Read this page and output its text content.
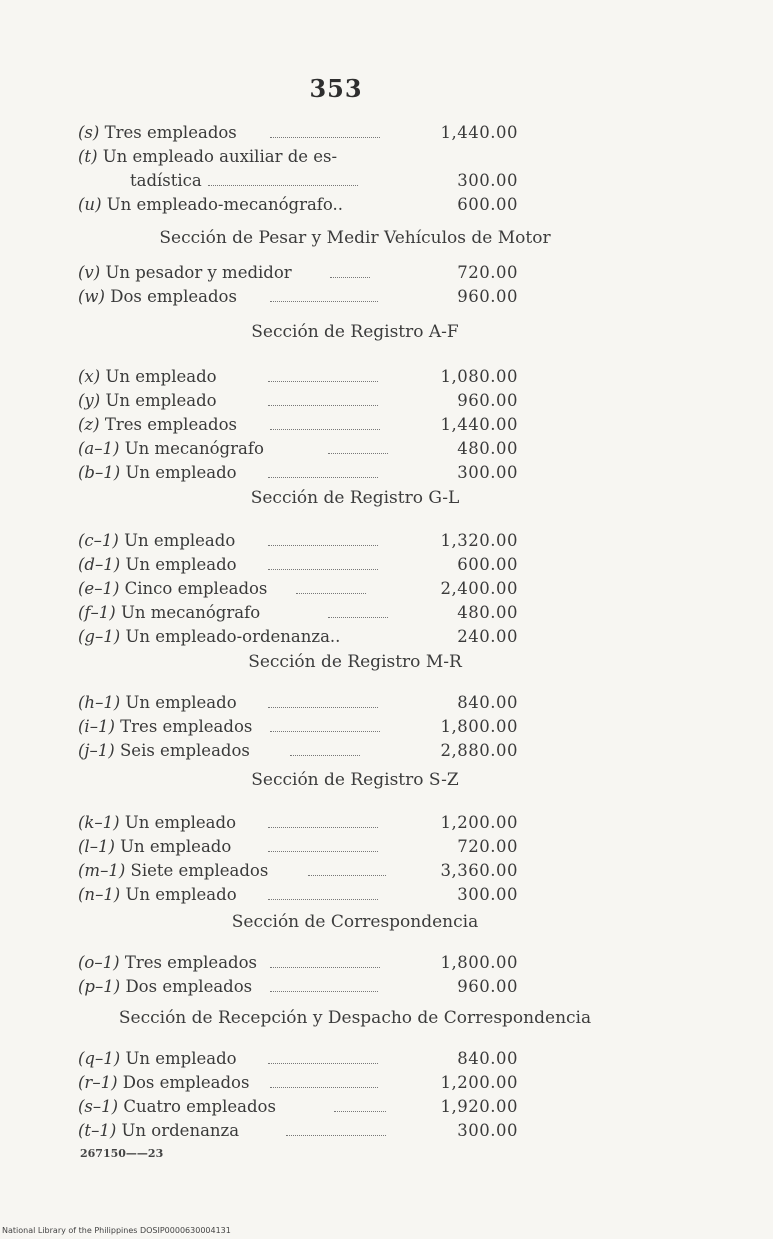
353
(s) Tres empleados	1,440.00
(t) Un empleado auxiliar de es-
tadística	300.00
(u) Un empleado-mecanógrafo..	600.00
Sección de Pesar y Medir Vehículos de Motor
(v) Un pesador y medidor	720.00
(w) Dos empleados	960.00
Sección de Registro A-F
(x) Un empleado	1,080.00
(y) Un empleado	960.00
(z) Tres empleados	1,440.00
(a–1) Un mecanógrafo	480.00
(b–1) Un empleado	300.00
Sección de Registro G-L
(c–1) Un empleado	1,320.00
(d–1) Un empleado	600.00
(e–1) Cinco empleados	2,400.00
(f–1) Un mecanógrafo	480.00
(g–1) Un empleado-ordenanza..	240.00
Sección de Registro M-R
(h–1) Un empleado	840.00
(i–1) Tres empleados	1,800.00
(j–1) Seis empleados	2,880.00
Sección de Registro S-Z
(k–1) Un empleado	1,200.00
(l–1) Un empleado	720.00
(m–1) Siete empleados	3,360.00
(n–1) Un empleado	300.00
Sección de Correspondencia
(o–1) Tres empleados	1,800.00
(p–1) Dos empleados	960.00
Sección de Recepción y Despacho de Correspondencia
(q–1) Un empleado	840.00
(r–1) Dos empleados	1,200.00
(s–1) Cuatro empleados	1,920.00
(t–1) Un ordenanza	300.00
267150——23
National Library of the Philippines DOSIP0000630004131
